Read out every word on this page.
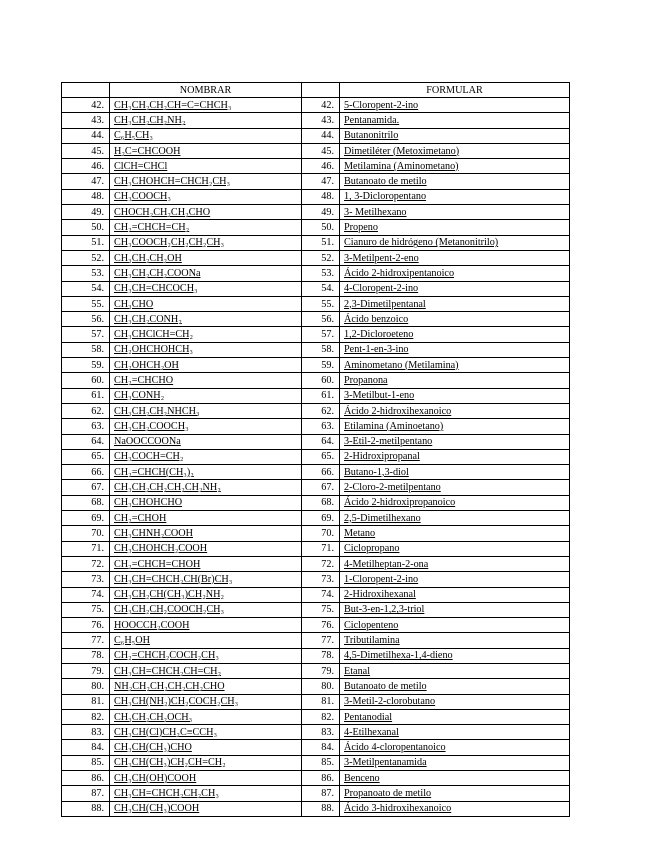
	NOMBRAR		FORMULAR
42.	CH₃CH₂CH₂CH=C=CHCH₃	42.	5-Cloropent-2-ino
43.	CH₃CH₂CH₂NH₂	43.	Pentanamida.
44.	C₆H₅CH₃	44.	Butanonitrilo
45.	H₂C=CHCOOH	45.	Dimetiléter (Metoximetano)
46.	ClCH=CHCl	46.	Metilamina (Aminometano)
47.	CH₃CHOHCH=CHCH₂CH₃	47.	Butanoato de metilo
48.	CH₃COOCH₃	48.	1, 3-Dicloropentano
49.	CHOCH₂CH₂CH₂CHO	49.	3- Metilhexano
50.	CH₂=CHCH=CH₂	50.	Propeno
51.	CH₃COOCH₂CH₂CH₂CH₃	51.	Cianuro de hidrógeno (Metanonitrilo)
52.	CH₃CH₂CH₂OH	52.	3-Metilpent-2-eno
53.	CH₃CH₂CH₂COONa	53.	Ácido 2-hidroxipentanoico
54.	CH₃CH=CHCOCH₃	54.	4-Cloropent-2-ino
55.	CH₃CHO	55.	2,3-Dimetilpentanal
56.	CH₃CH₂CONH₂	56.	Ácido benzoico
57.	CH₃CHClCH=CH₂	57.	1,2-Dicloroeteno
58.	CH₂OHCHOHCH₃	58.	Pent-1-en-3-ino
59.	CH₂OHCH₂OH	59.	Aminometano (Metilamina)
60.	CH₂=CHCHO	60.	Propanona
61.	CH₃CONH₂	61.	3-Metilbut-1-eno
62.	CH₃CH₂CH₂NHCH₃	62.	Ácido 2-hidroxihexanoico
63.	CH₃CH₂COOCH₃	63.	Etilamina (Aminoetano)
64.	NaOOCCOONa	64.	3-Etil-2-metilpentano
65.	CH₃COCH=CH₂	65.	2-Hidroxipropanal
66.	CH₂=CHCH(CH₃)₂	66.	Butano-1,3-diol
67.	CH₃CH₂CH₂CH₂CH₂NH₂	67.	2-Cloro-2-metilpentano
68.	CH₃CHOHCHO	68.	Ácido 2-hidroxipropanoico
69.	CH₂=CHOH	69.	2,5-Dimetilhexano
70.	CH₃CHNH₂COOH	70.	Metano
71.	CH₃CHOHCH₂COOH	71.	Ciclopropano
72.	CH₂=CHCH=CHOH	72.	4-Metilheptan-2-ona
73.	CH₃CH=CHCH₂CH(Br)CH₃	73.	1-Cloropent-2-ino
74.	CH₃CH₂CH(CH₃)CH₂NH₂	74.	2-Hidroxihexanal
75.	CH₃CH₂CH₂COOCH₂CH₃	75.	But-3-en-1,2,3-triol
76.	HOOCCH₂COOH	76.	Ciclopenteno
77.	C₆H₅OH	77.	Tributilamina
78.	CH₂=CHCH₂COCH₂CH₃	78.	4,5-Dimetilhexa-1,4-dieno
79.	CH₃CH=CHCH₂CH=CH₂	79.	Etanal
80.	NH₂CH₂CH₂CH₂CH₂CHO	80.	Butanoato de metilo
81.	CH₃CH(NH₂)CH₂COCH₂CH₃	81.	3-Metil-2-clorobutano
82.	CH₃CH₂CH₂OCH₃	82.	Pentanodial
83.	CH₃CH(Cl)CH₂C≡CCH₃	83.	4-Etilhexanal
84.	CH₃CH(CH₃)CHO	84.	Ácido 4-cloropentanoico
85.	CH₃CH(CH₃)CH₂CH=CH₂	85.	3-Metilpentanamida
86.	CH₃CH(OH)COOH	86.	Benceno
87.	CH₃CH=CHCH₂CH₂CH₃	87.	Propanoato de metilo
88.	CH₃CH(CH₃)COOH	88.	Ácido 3-hidroxihexanoico
